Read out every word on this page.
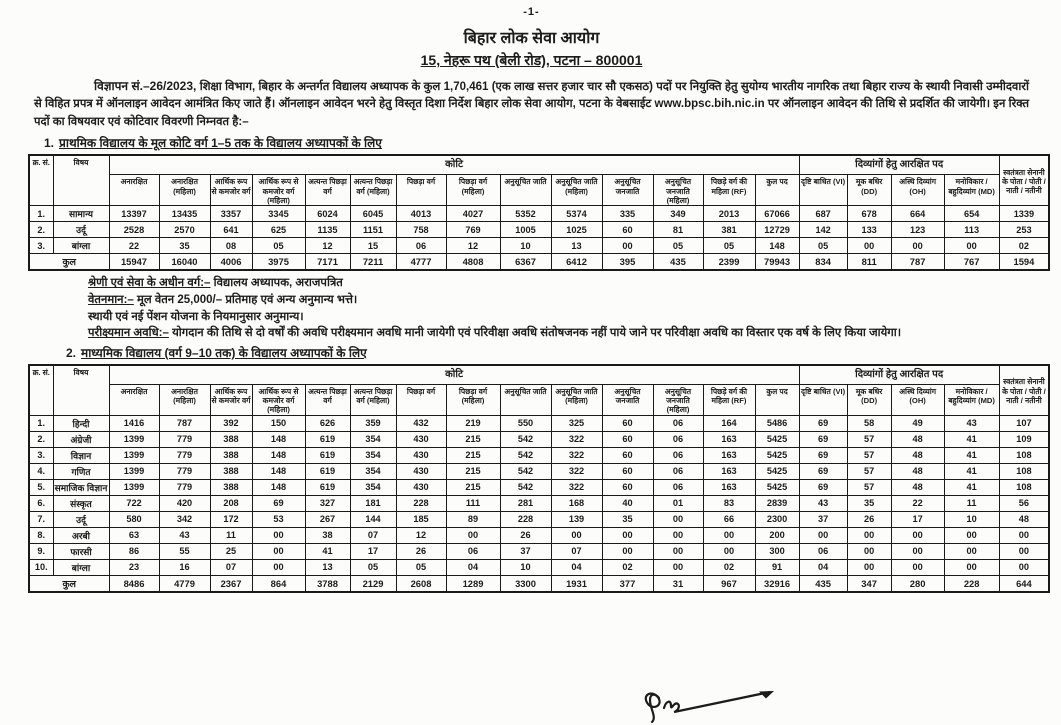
-1-
बिहार लोक सेवा आयोग
15, नेहरू पथ (बेली रोड), पटना – 800001

विज्ञापन सं.–26/2023, शिक्षा विभाग, बिहार के अन्तर्गत विद्यालय अध्यापक के कुल 1,70,461 (एक लाख सत्तर हजार चार सौ एकसठ) पदों पर नियुक्ति हेतु सुयोग्य भारतीय नागरिक तथा बिहार राज्य के स्थायी निवासी उम्मीदवारों से विहित प्रपत्र में ऑनलाइन आवेदन आमंत्रित किए जाते हैं। ऑनलाइन आवेदन भरने हेतु विस्तृत दिशा निर्देश बिहार लोक सेवा आयोग, पटना के वेबसाईट www.bpsc.bih.nic.in पर ऑनलाइन आवेदन की तिथि से प्रदर्शित की जायेगी। इन रिक्त पदों का विषयवार एवं कोटिवार विवरणी निम्नवत है:–

1. प्राथमिक विद्यालय के मूल कोटि वर्ग 1–5 तक के विद्यालय अध्यापकों के लिए
क्र. सं.	विषय	कोटि														दिव्यांगों हेतु आरक्षित पद				स्वतंत्रता सेनानी के पोता / पोती / नाती / नतीनी
		अनारक्षित	अनारक्षित (महिला)	आर्थिक रूप से कमजोर वर्ग	आर्थिक रूप से कमजोर वर्ग (महिला)	अत्यन्त पिछड़ा वर्ग	अत्यन्त पिछड़ा वर्ग (महिला)	पिछड़ा वर्ग	पिछड़ा वर्ग (महिला)	अनुसूचित जाति	अनुसूचित जाति (महिला)	अनुसूचित जनजाति	अनुसूचित जनजाति (महिला)	पिछड़े वर्ग की महिला (RF)	कुल पद	दृष्टि बाधित (VI)	मूक बधिर (DD)	अस्थि दिव्यांग (OH)	मनोविकार / बहुदिव्यांग (MD)	
1.	सामान्य	13397	13435	3357	3345	6024	6045	4013	4027	5352	5374	335	349	2013	67066	687	678	664	654	1339
2.	उर्दू	2528	2570	641	625	1135	1151	758	769	1005	1025	60	81	381	12729	142	133	123	113	253
3.	बांग्ला	22	35	08	05	12	15	06	12	10	13	00	05	05	148	05	00	00	00	02
कुल		15947	16040	4006	3975	7171	7211	4777	4808	6367	6412	395	435	2399	79943	834	811	787	767	1594

श्रेणी एवं सेवा के अधीन वर्ग:– विद्यालय अध्यापक, अराजपत्रित

वेतनमान:– मूल वेतन 25,000/– प्रतिमाह एवं अन्य अनुमान्य भत्ते।

स्थायी एवं नई पेंशन योजना के नियमानुसार अनुमान्य।

परीक्ष्यमान अवधि:– योगदान की तिथि से दो वर्षों की अवधि परीक्ष्यमान अवधि मानी जायेगी एवं परिवीक्षा अवधि संतोषजनक नहीं पाये जाने पर परिवीक्षा अवधि का विस्तार एक वर्ष के लिए किया जायेगा।

2. माध्यमिक विद्यालय (वर्ग 9–10 तक) के विद्यालय अध्यापकों के लिए
क्र. सं.	विषय	कोटि														दिव्यांगों हेतु आरक्षित पद				स्वतंत्रता सेनानी के पोता / पोती / नाती / नतीनी
		अनारक्षित	अनारक्षित (महिला)	आर्थिक रूप से कमजोर वर्ग	आर्थिक रूप से कमजोर वर्ग (महिला)	अत्यन्त पिछड़ा वर्ग	अत्यन्त पिछड़ा वर्ग (महिला)	पिछड़ा वर्ग	पिछड़ा वर्ग (महिला)	अनुसूचित जाति	अनुसूचित जाति (महिला)	अनुसूचित जनजाति	अनुसूचित जनजाति (महिला)	पिछड़े वर्ग की महिला (RF)	कुल पद	दृष्टि बाधित (VI)	मूक बधिर (DD)	अस्थि दिव्यांग (OH)	मनोविकार / बहुदिव्यांग (MD)	
1.	हिन्दी	1416	787	392	150	626	359	432	219	550	325	60	06	164	5486	69	58	49	43	107
2.	अंग्रेजी	1399	779	388	148	619	354	430	215	542	322	60	06	163	5425	69	57	48	41	109
3.	विज्ञान	1399	779	388	148	619	354	430	215	542	322	60	06	163	5425	69	57	48	41	108
4.	गणित	1399	779	388	148	619	354	430	215	542	322	60	06	163	5425	69	57	48	41	108
5.	समाजिक विज्ञान	1399	779	388	148	619	354	430	215	542	322	60	06	163	5425	69	57	48	41	108
6.	संस्कृत	722	420	208	69	327	181	228	111	281	168	40	01	83	2839	43	35	22	11	56
7.	उर्दू	580	342	172	53	267	144	185	89	228	139	35	00	66	2300	37	26	17	10	48
8.	अरबी	63	43	11	00	38	07	12	00	26	00	00	00	00	200	00	00	00	00	00
9.	फारसी	86	55	25	00	41	17	26	06	37	07	00	00	00	300	06	00	00	00	00
10.	बांग्ला	23	16	07	00	13	05	05	04	10	04	02	00	02	91	04	00	00	00	00
कुल		8486	4779	2367	864	3788	2129	2608	1289	3300	1931	377	31	967	32916	435	347	280	228	644
